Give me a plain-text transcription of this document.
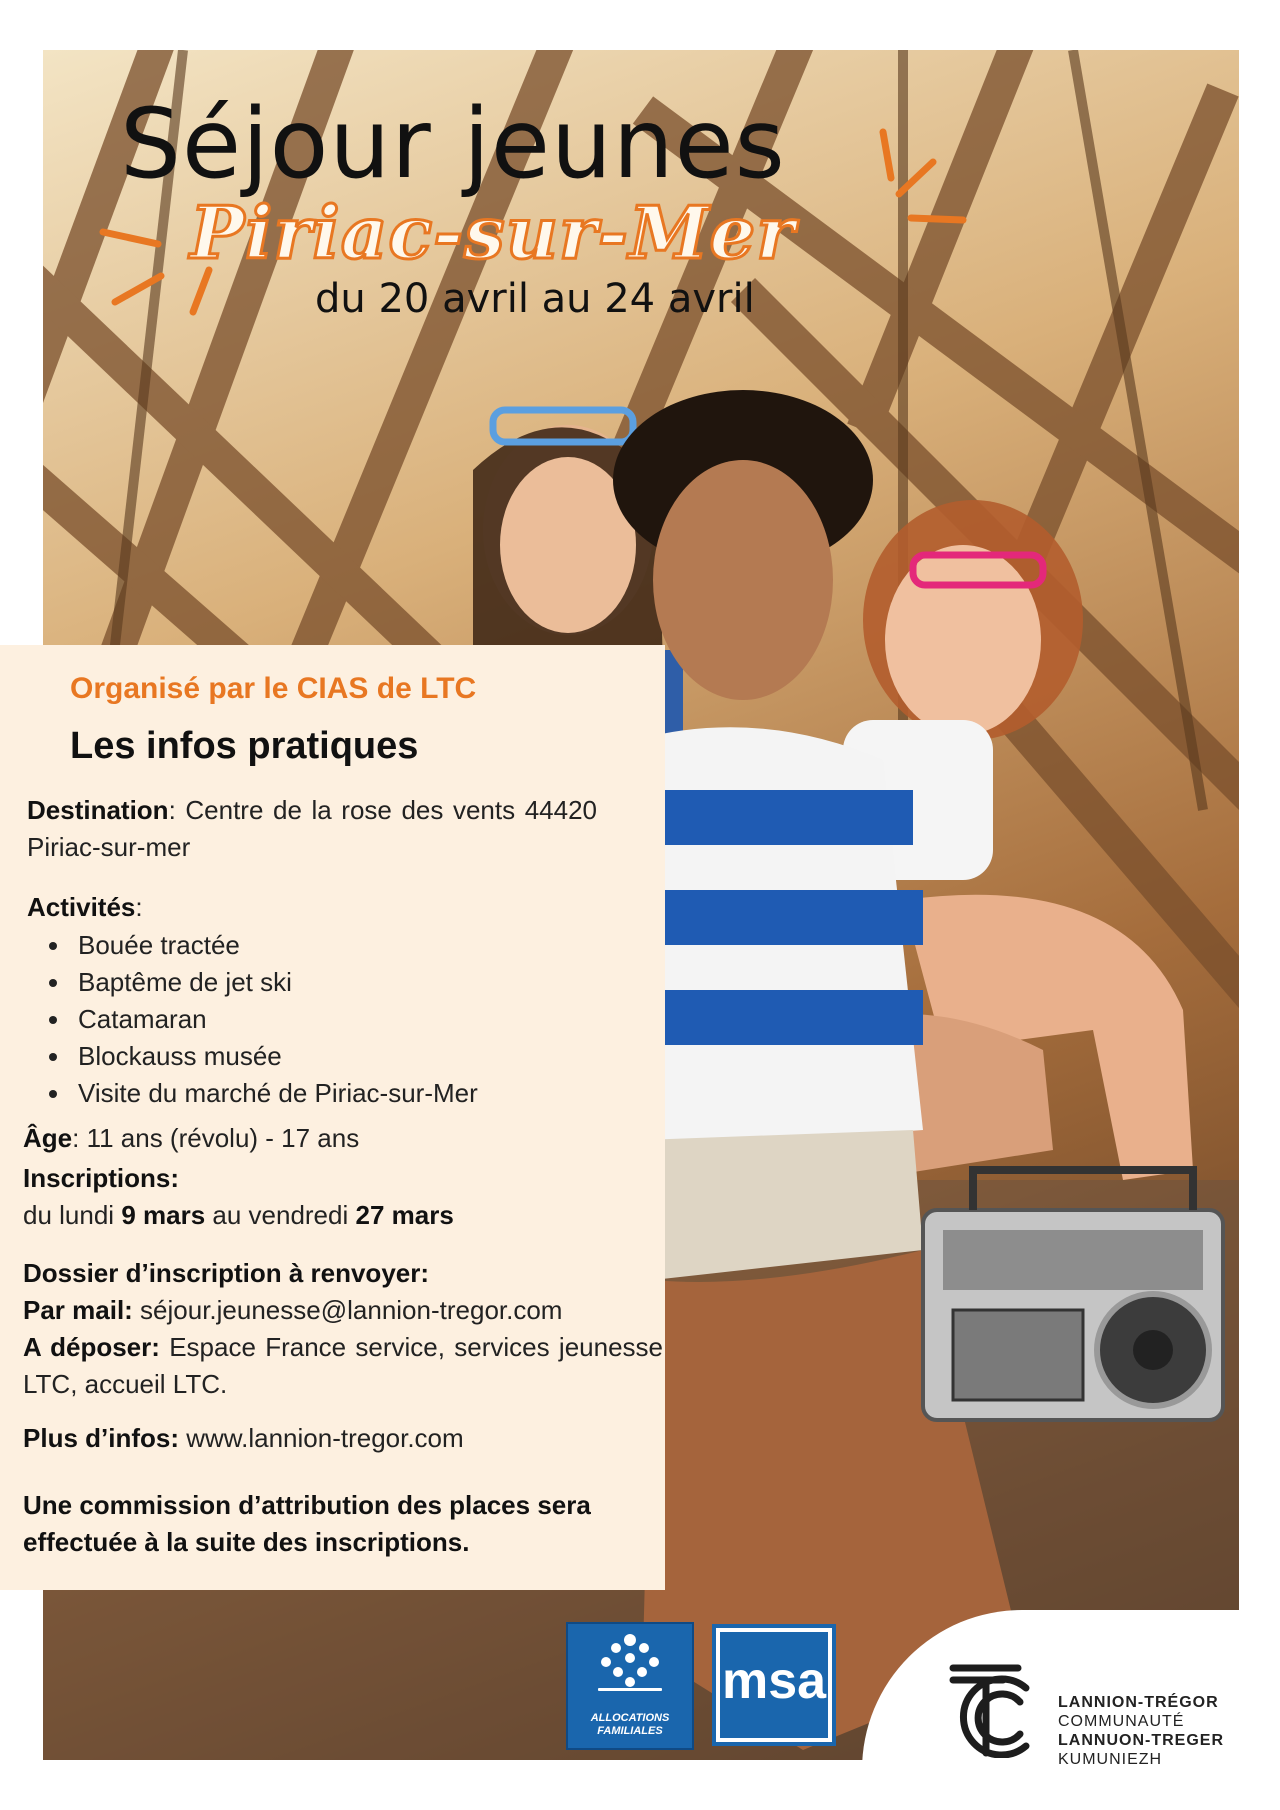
Séjour jeunes
Piriac-sur-Mer

du 20 avril au 24 avril

Organisé par le CIAS de LTC

Les infos pratiques

Destination: Centre de la rose des vents 44420 Piriac-sur-mer

Activités:

• Bouée tractée
• Baptême de jet ski
• Catamaran
• Blockauss musée
• Visite du marché de Piriac-sur-Mer

Âge: 11 ans (révolu) - 17 ans

Inscriptions:

du lundi 9 mars au vendredi 27 mars

Dossier d’inscription à renvoyer:

Par mail: séjour.jeunesse@lannion-tregor.com

A déposer: Espace France service, services jeunesse LTC, accueil LTC.

Plus d’infos: www.lannion-tregor.com

Une commission d’attribution des places sera effectuée à la suite des inscriptions.

ALLOCATIONS FAMILIALES
msa	LANNION-TRÉGOR
COMMUNAUTÉ
LANNUON-TREGER
KUMUNIEZH
